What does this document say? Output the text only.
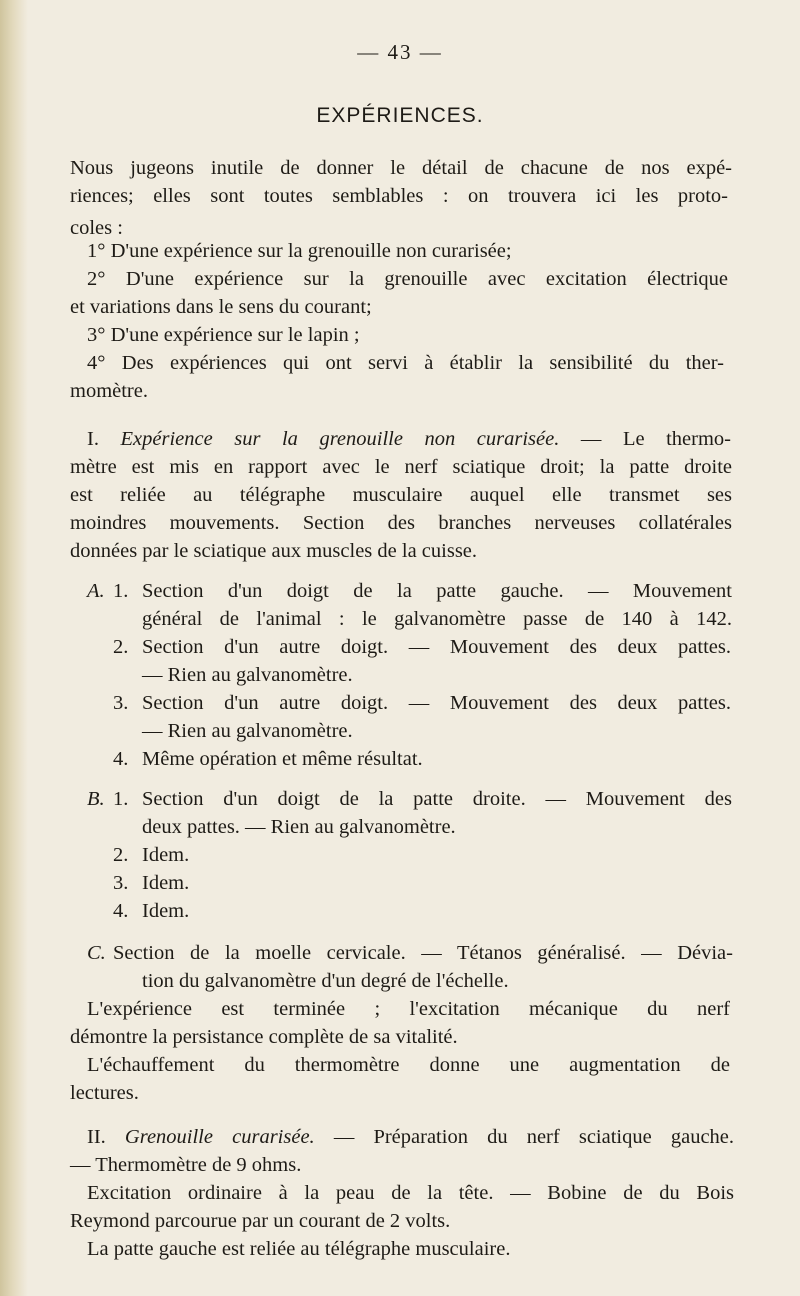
— 43 —
EXPÉRIENCES.
Nous jugeons inutile de donner le détail de chacune de nos expé-
riences; elles sont toutes semblables : on trouvera ici les proto-
coles :
1° D'une expérience sur la grenouille non curarisée;
2° D'une expérience sur la grenouille avec excitation électrique
et variations dans le sens du courant;
3° D'une expérience sur le lapin ;
4° Des expériences qui ont servi à établir la sensibilité du ther-
momètre.
I. Expérience sur la grenouille non curarisée. — Le thermo-
mètre est mis en rapport avec le nerf sciatique droit; la patte droite
est reliée au télégraphe musculaire auquel elle transmet ses
moindres mouvements. Section des branches nerveuses collatérales
données par le sciatique aux muscles de la cuisse.
A. 1. Section d'un doigt de la patte gauche. — Mouvement
général de l'animal : le galvanomètre passe de 140 à 142.
2. Section d'un autre doigt. — Mouvement des deux pattes.
— Rien au galvanomètre.
3. Section d'un autre doigt. — Mouvement des deux pattes.
— Rien au galvanomètre.
4. Même opération et même résultat.
B. 1. Section d'un doigt de la patte droite. — Mouvement des
deux pattes. — Rien au galvanomètre.
2. Idem.
3. Idem.
4. Idem.
C. Section de la moelle cervicale. — Tétanos généralisé. — Dévia-
tion du galvanomètre d'un degré de l'échelle.
L'expérience est terminée ; l'excitation mécanique du nerf
démontre la persistance complète de sa vitalité.
L'échauffement du thermomètre donne une augmentation de
lectures.
II. Grenouille curarisée. — Préparation du nerf sciatique gauche.
— Thermomètre de 9 ohms.
Excitation ordinaire à la peau de la tête. — Bobine de du Bois
Reymond parcourue par un courant de 2 volts.
La patte gauche est reliée au télégraphe musculaire.
